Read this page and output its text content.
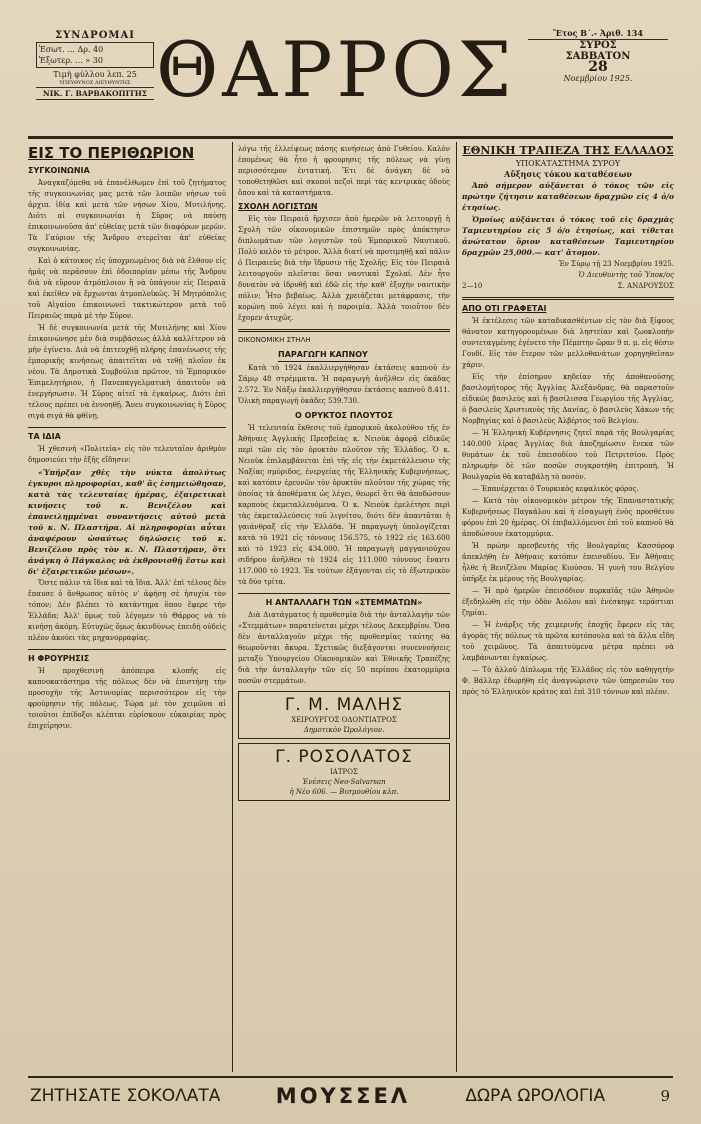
ΣΥΝΔΡΟΜΑΙ
Ἐσωτ. ... Δρ. 40
Ἐξωτερ. ... » 30
Τιμὴ φύλλου λεπ. 25
ΥΠΕΥΘΥΝΟΣ ΔΙΕΥΘΥΝΤΗΣ
ΝΙΚ. Γ. ΒΑΡΒΑΚΟΠΙΤΗΣ ΘΑΡΡΟΣ	Ἔτος Β΄.- Ἀριθ. 134
ΣΥΡΟΣ
ΣΑΒΒΑΤΟΝ
28
Νοεμβρίου 1925.
ΕΙΣ ΤΟ ΠΕΡΙΘΩΡΙΟΝ
ΣΥΓΚΟΙΝΩΝΙΑ

Ἀναγκαζόμεθα νὰ ἐπανέλθωμεν ἐπὶ τοῦ ζητήματος τῆς συγκοινωνίας μας μετὰ τῶν λοιπῶν νήσων τοῦ ἀρχιπ. ἰδίᾳ καὶ μετὰ τῶν νήσων Χίου, Μυτιλήνης. Διότι αἱ συγκοινωνίαι ἡ Σῦρος νὰ παύσῃ ἐπικοινωνοῦσα ἀπ' εὐθείας μετὰ τῶν διαφόρων μερῶν. Τὰ Γαύριον τῆς Ἄνδρου στερεῖται ἀπ' εὐθείας συγκοινωνίας.

Καὶ ὁ κάτοικος εἰς ὑποχρεωμένος διὰ νὰ ἔλθουν εἰς ἡμᾶς νὰ περάσουν ἐπὶ ὁδοιπορίαν μέσω τῆς Ἄνδρου διὰ νὰ εὕρουν ἀτμόπλοιον ἢ νὰ ὑπάγουν εἰς Πειραιᾶ καὶ ἐκεῖθεν νὰ ἔρχωνται ἀτμοπλοϊκῶς. Ἡ Μητρόπολις τοῦ Αἰγαίου ἐπικοινωνεῖ τακτικώτερον μετὰ τοῦ Πειραιῶς παρὰ μὲ τὴν Σῦρον.

Ἡ δὲ συγκοινωνία μετὰ τῆς Μυτιλήνης καὶ Χίου ἐπικοινώνησε μὲν διὰ συμβάσεως ἀλλὰ καλλίτερον νὰ μὴν ἐγίνετο. Διὰ νὰ ἐπιτευχθῇ πλήρης ἐπανένωσις τῆς ἐμπορικῆς κινήσεως ἀπαιτεῖται νὰ τεθῇ πλοῖον ἐκ νέου. Τὰ Δημοτικὰ Συμβούλια πρῶτον, τὸ Ἐμπορικὸν Ἐπιμελητήριον, ἡ Πανεπαγγελματικὴ ἀπαιτοῦν νὰ ἐνεργήσωσιν. Ἡ Σῦρος αἰτεῖ τὰ ἐγκαίρως. Διότι ἐπὶ τέλους πρέπει νὰ ἐννοηθῇ. Ἄνευ συγκοινωνίας ἡ Σῦρος σιγά σιγά θὰ φθίνῃ.

ΤΑ ΙΔΙΑ

Ἡ χθεσινὴ «Πολιτεία» εἰς τὸν τελευταῖον ἀριθμὸν δημοσιεύει τὴν ἑξῆς εἴδησιν:

«Ὑπῆρξαν χθὲς τὴν νύκτα ἀπολύτως ἐγκυροι πληροφορίαι, καθ' ἃς ἐσημειώθησαν, κατὰ τὰς τελευταίας ἡμέρας, ἐξαιρετικαὶ κινήσεις τοῦ κ. Βενιζέλου καὶ ἐπανειλημμέναι συναντήσεις αὐτοῦ μετὰ τοῦ κ. Ν. Πλαστήρα. Αἱ πληροφορίαι αὗται ἀναφέρουν ὡσαύτως δηλώσεις τοῦ κ. Βενιζέλου πρὸς τὸν κ. Ν. Πλαστήραν, ὅτι ἀνάγκη ὁ Πάγκαλος νὰ ἐκθρονισθῇ ἔστω καὶ δι' ἐξαιρετικῶν μέσων».

Ὅστε πάλιν τὰ ἴδια καὶ τὰ ἴδια. Ἀλλ' ἐπὶ τέλους δὲν ἔπαυσε ὁ ἄνθρωπος αὐτὸς ν' ἀφήσῃ σὲ ἡσυχία τὸν τόπον; Δὲν βλέπει τὸ κατάντημα ὅπου ἔφερε τὴν Ἑλλάδα; Ἀλλ' ὅμως τοῦ λέγομεν τὸ Θάρρος νὰ τὸ κινήσῃ ἀκόμη. Εὐτυχῶς ὅμως ἀκινδύνως ἐπειδὴ οὐδεὶς πλέον ἀκούει τὰς μηχανορραφίας.

Η ΦΡΟΥΡΗΣΙΣ

Ἡ προχθεσινὴ ἀπόπειρα κλοπῆς εἰς καπνοκατάστημα τῆς πόλεως δὲν νὰ ἐπιστήσῃ τὴν προσοχὴν τῆς Ἀστυνομίας περισσότερον εἰς τὴν φρούρησιν τῆς πόλεως. Τώρα μὲ τὸν χειμῶνα αἱ τοιοῦτοι ἐπίδοξοι κλέπται εὑρίσκουν εὐκαιρίας πρὸς ἐπιχείρησιν.

λόγω τῆς ἐλλείψεως πάσης κινήσεως ἀπὸ Γυθείου. Καλὸν ἐπομένως θὰ ἦτο ἡ φρουρησις τῆς πόλεως νὰ γίνῃ περισσότερον ἐντατική. Ἔτι δὲ ἀνάγκη δὲ νὰ τοποθετηθῶσι καὶ σκοποὶ πεζοὶ περὶ τὰς κεντρικὰς ὁδοὺς ὅπου καὶ τὰ καταστήματα.

ΣΧΟΛΗ ΛΟΓΙΣΤΩΝ

Εἰς τὸν Πειραιᾶ ἤρχισεν ἀπὸ ἡμερῶν νὰ λειτουργῇ ἡ Σχολὴ τῶν οἰκονομικῶν ἐπιστημῶν πρὸς ἀπόκτησιν διπλωμάτων τῶν λογιστῶν τοῦ Ἐμπορικοῦ Ναυτικοῦ. Πολὺ καλὸν τὸ μέτρον. Ἀλλὰ διατί νὰ προτιμηθῇ καὶ πάλιν ὁ Πειραιεὺς διὰ τὴν ἵδρυσιν τῆς Σχολῆς; Εἰς τὸν Πειραιᾶ λειτουργοῦν πλεῖσται ὅσαι ναυτικαὶ Σχολαί. Δὲν ἦτο δυνατὸν νὰ ἱδρυθῇ καὶ ἐδῶ εἰς τὴν καθ' ἐξοχὴν ναυτικὴν πόλιν; Ἦτο βεβαίως. Ἀλλὰ χρειάζεται μετάφρασις, τὴν κορώνη ποῦ λέγει καὶ ἡ παροιμία. Ἀλλὰ τοιοῦτον δὲν ἔχομεν ἀτυχῶς.

ΟΙΚΟΝΟΜΙΚΗ ΣΤΗΛΗ
ΠΑΡΑΓΩΓΗ ΚΑΠΝΟΥ

Κατὰ τὸ 1924 ἐκαλλιεργήθησαν ἐκτάσεις καπνοῦ ἐν Σάμῳ 48 στρέμματα. Ἡ παραγωγὴ ἀνῆλθεν εἰς ὀκάδας 2.572. Ἐν Νάξῳ ἐκαλλιεργήθησαν ἐκτάσεις καπνοῦ 8.411. Ὁλικὴ παραγωγὴ ὀκάδες 539.730.

Ο ΟΡΥΚΤΟΣ ΠΛΟΥΤΟΣ

Ἡ τελευταία ἔκθεσις τοῦ ἐμπορικοῦ ἀκολούθου τῆς ἐν Ἀθήναις Ἀγγλικῆς Πρεσβείας κ. Νειοὺκ ἀφορᾷ εἰδικῶς περὶ τῶν εἰς τὸν ὀρυκτὸν πλοῦτον τῆς Ἑλλάδος. Ὁ κ. Νειοὺκ ἐπιλαμβάνεται ἐπὶ τῆς εἰς τὴν ἐκμετάλλευσιν τῆς Ναξίας σμύριδος, ἐνεργείας τῆς Ἑλληνικῆς Κυβερνήσεως, καὶ κατόπιν ἐρευνῶν τὸν ὀρυκτὸν πλοῦτον τῆς χώρας τῆς ὁποίας τὰ ἀποθέματα ὡς λέγει, θεωρεῖ ὅτι θὰ ἀποδώσουν καρποὺς ἐκμεταλλευόμενα. Ὁ κ. Νειοὺκ ἐμελέτησε περὶ τὰς ἐκμεταλλεύσεις τοῦ λιγνίτου, διότι δὲν ἀπαντᾶται ἡ γαιάνθραξ εἰς τὴν Ἑλλάδα. Ἡ παραγωγὴ ὑπολογίζεται κατὰ τὸ 1921 εἰς τόννους 156.575, τὸ 1922 εἰς 163.600 καὶ τὸ 1923 εἰς 434.000. Ἡ παραγωγὴ μαγγανιούχου σιδήρου ἀνῆλθεν τὸ 1924 εἰς 111.000 τόννους ἔναντι 117.000 τὸ 1923. Ἐκ τούτων ἐξάγονται εἰς τὸ ἐξωτερικὸν τὰ δύο τρίτα.

Η ΑΝΤΑΛΛΑΓΗ ΤΩΝ «ΣΤΕΜΜΑΤΩΝ»

Διὰ Διατάγματος ἡ προθεσμία διὰ τὴν ἀνταλλαγὴν τῶν «Στεμμάτων» παρατείνεται μέχρι τέλους Δεκεμβρίου. Ὅσα δὲν ἀνταλλαγοῦν μέχρι τῆς προθεσμίας ταύτης θὰ θεωροῦνται ἄκυρα. Σχετικῶς διεξάγονται συνεννοήσεις μεταξὺ Ὑπουργείου Οἰκονομικῶν καὶ Ἐθνικῆς Τραπέζης διὰ τὴν ἀνταλλαγὴν τῶν εἰς 50 περίπου ἑκατομμύρια ποσῶν στεμμάτων.

Γ. Μ. ΜΑΛΗΣ
ΧΕΙΡΟΥΡΓΟΣ ΟΔΟΝΤΙΑΤΡΟΣ
Δημοτικὸν Ὡρολόγιον.
Γ. ΡΟΣΟΛΑΤΟΣ
ΙΑΤΡΟΣ
Ἐνέσεις Neo-Salvarsan
ἡ Νέο 606. — Βισμουθίου κλπ.
ΕΘΝΙΚΗ ΤΡΑΠΕΖΑ ΤΗΣ ΕΛΛΑΔΟΣ
ΥΠΟΚΑΤΑΣΤΗΜΑ ΣΥΡΟΥ
Αὔξησις τόκου καταθέσεων

Ἀπὸ σήμερον αὐξάνεται ὁ τόκος τῶν εἰς πρώτην ζήτησιν καταθέσεων δραχμῶν εἰς 4 ὀ/ο ἐτησίως.

Ὁμοίως αὐξάνεται ὁ τόκος τοῦ εἰς δραχμὰς Ταμιευτηρίου εἰς 5 ὀ/ο ἐτησίως, καὶ τίθεται ἀνώτατον ὅριον καταθέσεων Ταμιευτηρίου δραχμῶν 25,000.— κατ' ἄτομον.

Ἐν Σύρῳ τῇ 23 Νοεμβρίου 1925.
Ὁ Διευθυντὴς τοῦ Ὑποκ/ος
2—10	Σ. ΑΝΔΡΟΥΣΟΣ
ΑΠΟ ΟΤΙ ΓΡΑΦΕΤΑΙ

Ἡ ἐκτέλεσις τῶν καταδικασθέντων εἰς τὸν διὰ ξίφους θάνατον κατηγορουμένων διὰ ληστείαν καὶ ζωοκλοπὴν συντεταγμένης ἐγένετο τὴν Πέμπτην ὥραν 9 π. μ. εἰς θέσιν Γουδί. Εἰς τὸν ἕτερον τῶν μελλοθανάτων χορηγηθεῖσαν χάριν.

Εἰς τὴν ἐπίσημον κηδείαν τῆς ἀποθανούσης βασιλομήτορος τῆς Ἀγγλίας Ἀλεξάνδρας, θὰ παραστοῦν εἰδικῶς βασιλεὺς καὶ ἡ βασίλισσα Γεωργίου τῆς Ἀγγλίας, ὁ βασιλεὺς Χριστιανὸς τῆς Δανίας, ὁ βασιλεὺς Χάκων τῆς Νορβηγίας καὶ ὁ βασιλεὺς Ἀλβέρτος τοῦ Βελγίου.

— Ἡ Ἑλληνικὴ Κυβέρνησις ζητεῖ παρὰ τῆς Βουλγαρίας 140.000 λίρας Ἀγγλίας διὰ ἀποζημίωσιν ἕνεκα τῶν θυμάτων ἐκ τοῦ ἐπεισοδίου τοῦ Πετριτσίου. Πρὸς πληρωμὴν δὲ τῶν ποσῶν συγκροτήθη ἐπιτροπὴ. Ἡ Βουλγαρία θὰ καταβάλῃ τὸ ποσὸν.

— Ἐπανέρχεται ὁ Τουρκικὸς κεφαλικὸς φόρος.

— Κατὰ τὸν οἰκονομικὸν μέτρον τῆς Ἐπαναστατικῆς Κυβερνήσεως Παγκάλου καὶ ἡ εἰσαγωγὴ ἑνὸς προσθέτου φόρου ἐπὶ 20 ἡμέρας. Οἱ ἐπιβαλλόμενοι ἐπὶ τοῦ καπνοῦ θὰ ἀποδώσουν ἑκατομμύρια.

Ἡ πρώην πρεσβευτὴς τῆς Βουλγαρίας Κασσόροφ ἀπεκλήθη ἐν Ἀθήναις κατόπιν ἐπεισοδίου. Ἐν Ἀθήναις ἦλθε ἡ Βενιζέλου Μαρίας Κιούσου. Ἡ γυνὴ του Βελγίου ὑπῆρξε ἐκ μέρους τῆς Βουλγαρίας.

— Ἡ πρὸ ἡμερῶν ἐπεισόδιον πυρκαϊᾶς τῶν Ἀθηνῶν ἐξεδηλώθη εἰς τὴν ὁδὸν Ἀιόλου καὶ ἐνέσκηψε τεράστιαι ζημίαι.

— Ἡ ἐνάρξις τῆς χειμερινῆς ἐποχῆς ἔφερεν εἰς τὰς ἀγορὰς τῆς πόλεως τὰ πρῶτα κοτόπουλα καὶ τὰ ἄλλα εἴδη τοῦ χειμῶνος. Τὰ ἀπαιτούμενα μέτρα πρέπει νὰ λαμβάνωνται ἐγκαίρως.

— Τὸ ἀλλοῦ Δίπλωμα τῆς Ἐλλάδος εἰς τὸν καθηγητὴν Φ. Βάλλερ ἐδωρήθη εἰς ἀναγνώρισιν τῶν ὑπηρεσιῶν του πρὸς τὸ Ἑλληνικὸν κράτος καὶ ἐπὶ 310 τόννων καὶ πλέον.

ΖΗΤΗΣΑΤΕ ΣΟΚΟΛΑΤΑ	ΜΟΥΣΣΕΛ	ΔΩΡΑ ΩΡΟΛΟΓΙΑ	9
